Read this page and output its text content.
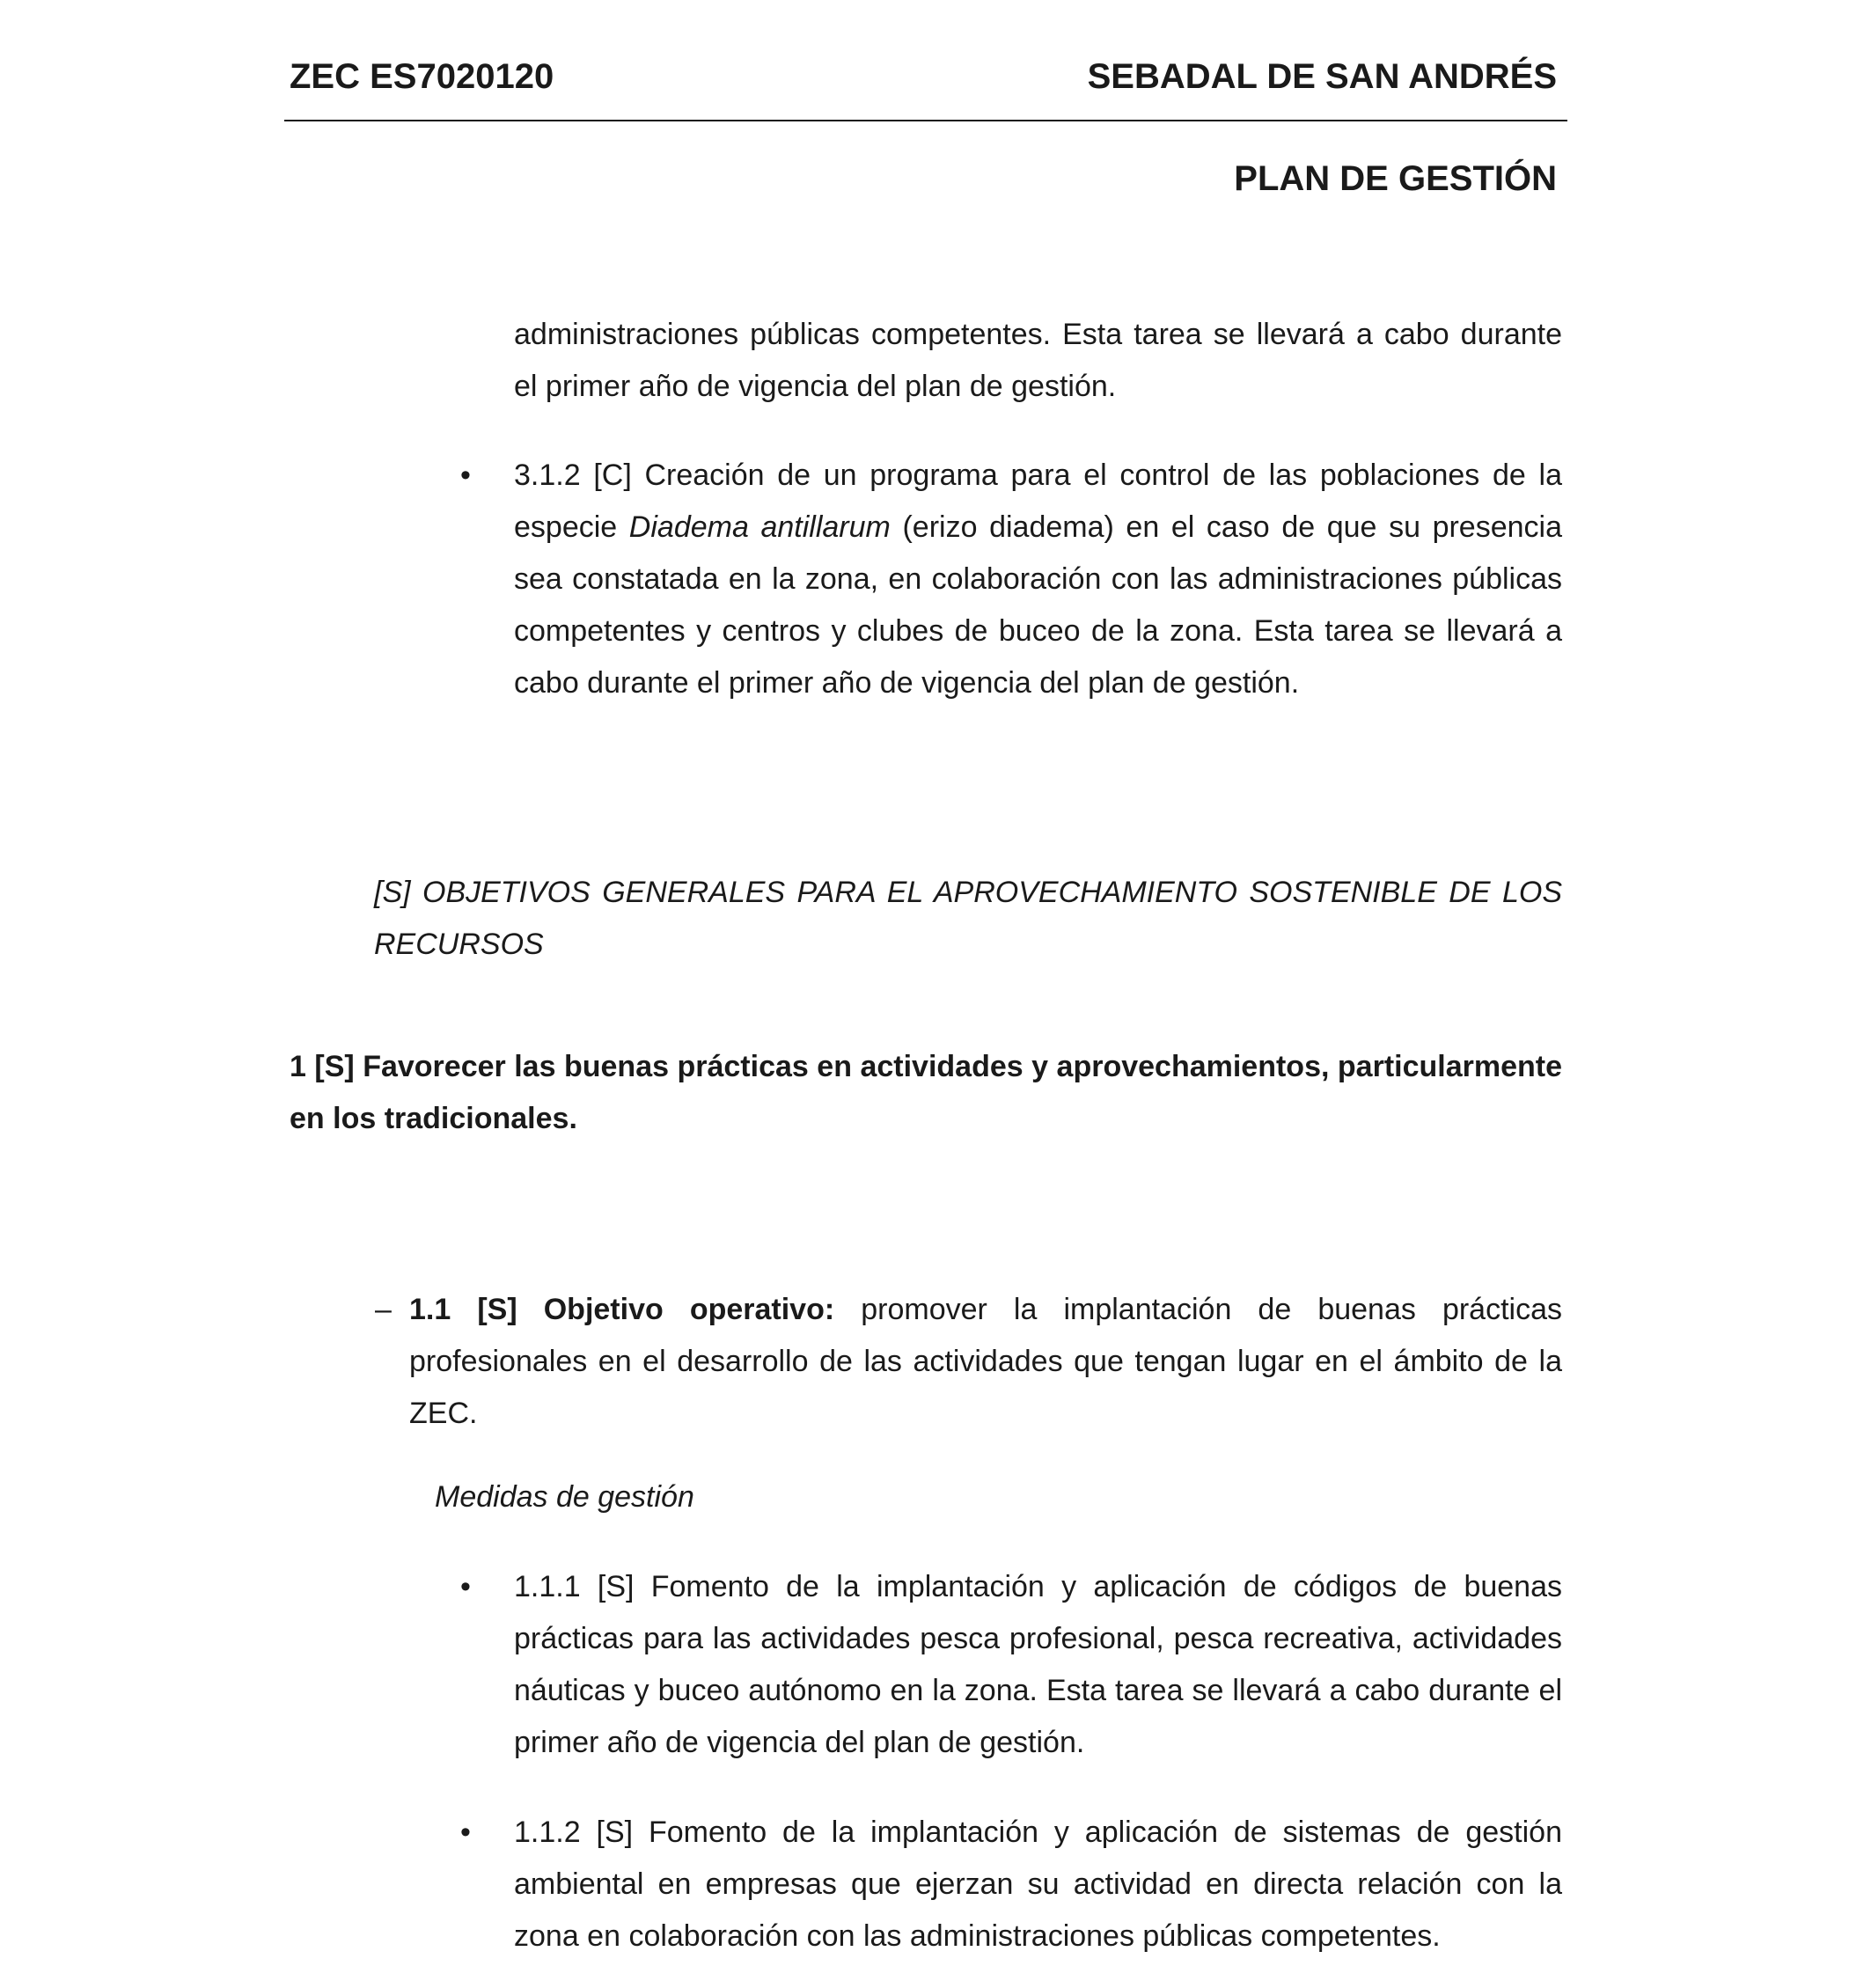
ZEC ES7020120	SEBADAL DE SAN ANDRÉS
PLAN DE GESTIÓN
administraciones públicas competentes. Esta tarea se llevará a cabo durante
el primer año de vigencia del plan de gestión.
• 3.1.2 [C] Creación de un programa para el control de las poblaciones de la
especie Diadema antillarum (erizo diadema) en el caso de que su presencia
sea constatada en la zona, en colaboración con las administraciones públicas
competentes y centros y clubes de buceo de la zona. Esta tarea se llevará a
cabo durante el primer año de vigencia del plan de gestión.
[S] OBJETIVOS GENERALES PARA EL APROVECHAMIENTO SOSTENIBLE DE LOS
RECURSOS
1 [S] Favorecer las buenas prácticas en actividades y aprovechamientos, particularmente
en los tradicionales.
– 1.1 [S] Objetivo operativo: promover la implantación de buenas prácticas
profesionales en el desarrollo de las actividades que tengan lugar en el ámbito de la
ZEC.
Medidas de gestión
• 1.1.1 [S] Fomento de la implantación y aplicación de códigos de buenas
prácticas para las actividades pesca profesional, pesca recreativa, actividades
náuticas y buceo autónomo en la zona. Esta tarea se llevará a cabo durante el
primer año de vigencia del plan de gestión.
• 1.1.2 [S] Fomento de la implantación y aplicación de sistemas de gestión
ambiental en empresas que ejerzan su actividad en directa relación con la
zona en colaboración con las administraciones públicas competentes.
